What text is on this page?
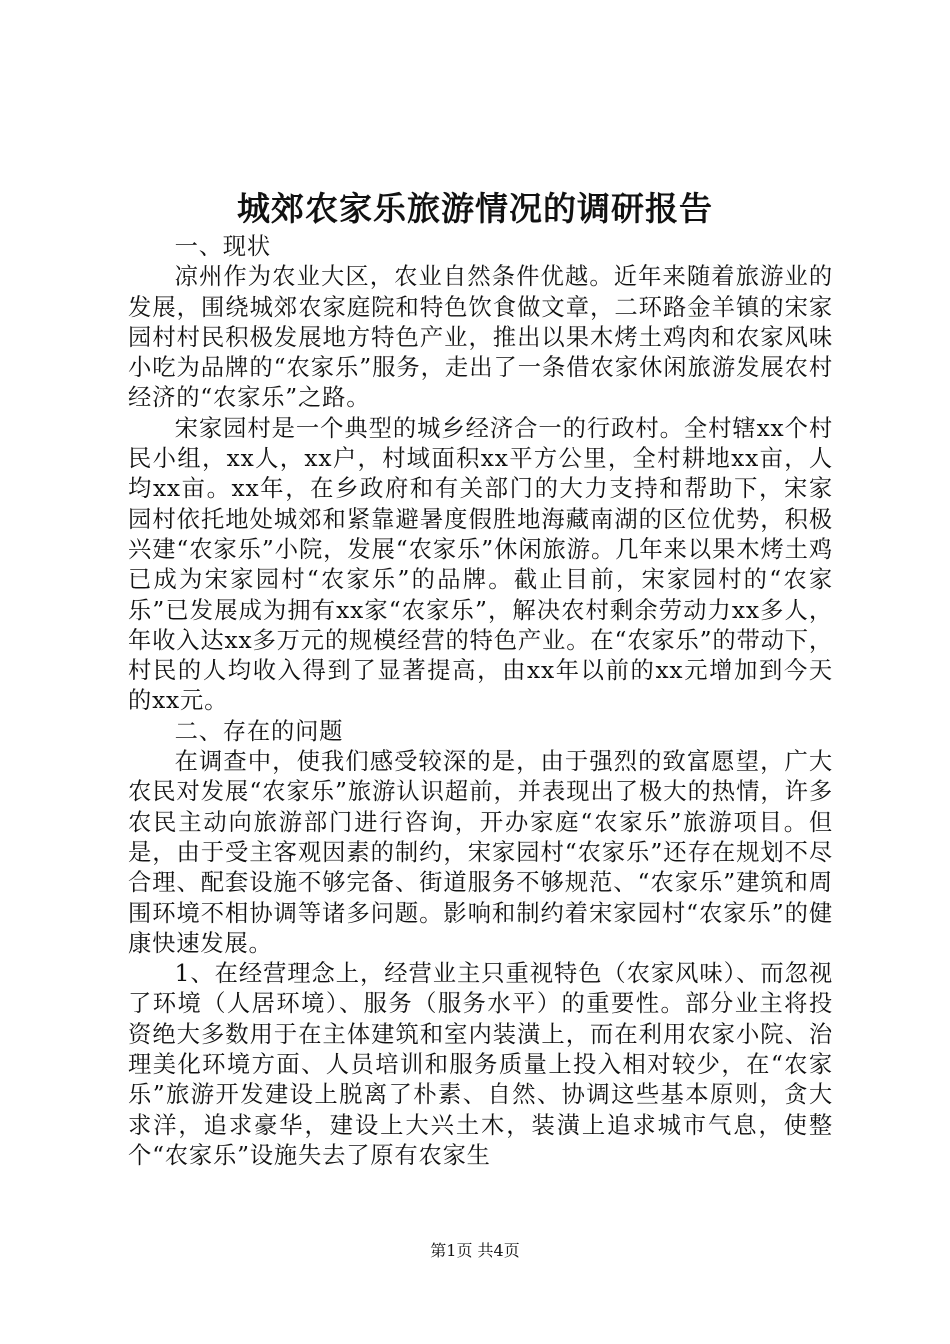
城郊农家乐旅游情况的调研报告

一、现状

凉州作为农业大区，农业自然条件优越。近年来随着旅游业的发展，围绕城郊农家庭院和特色饮食做文章，二环路金羊镇的宋家园村村民积极发展地方特色产业，推出以果木烤土鸡肉和农家风味小吃为品牌的“农家乐”服务，走出了一条借农家休闲旅游发展农村经济的“农家乐”之路。

宋家园村是一个典型的城乡经济合一的行政村。全村辖xx个村民小组，xx人，xx户，村域面积xx平方公里，全村耕地xx亩，人均xx亩。xx年，在乡政府和有关部门的大力支持和帮助下，宋家园村依托地处城郊和紧靠避暑度假胜地海藏南湖的区位优势，积极兴建“农家乐”小院，发展“农家乐”休闲旅游。几年来以果木烤土鸡已成为宋家园村“农家乐”的品牌。截止目前，宋家园村的“农家乐”已发展成为拥有xx家“农家乐”，解决农村剩余劳动力xx多人，年收入达xx多万元的规模经营的特色产业。在“农家乐”的带动下，村民的人均收入得到了显著提高，由xx年以前的xx元增加到今天的xx元。

二、存在的问题

在调查中，使我们感受较深的是，由于强烈的致富愿望，广大农民对发展“农家乐”旅游认识超前，并表现出了极大的热情，许多农民主动向旅游部门进行咨询，开办家庭“农家乐”旅游项目。但是，由于受主客观因素的制约，宋家园村“农家乐”还存在规划不尽合理、配套设施不够完备、街道服务不够规范、“农家乐”建筑和周围环境不相协调等诸多问题。影响和制约着宋家园村“农家乐”的健康快速发展。

1、在经营理念上，经营业主只重视特色（农家风味）、而忽视了环境（人居环境）、服务（服务水平）的重要性。部分业主将投资绝大多数用于在主体建筑和室内装潢上，而在利用农家小院、治理美化环境方面、人员培训和服务质量上投入相对较少，在“农家乐”旅游开发建设上脱离了朴素、自然、协调这些基本原则，贪大求洋，追求豪华，建设上大兴土木，装潢上追求城市气息，使整个“农家乐”设施失去了原有农家生

第1页 共4页
